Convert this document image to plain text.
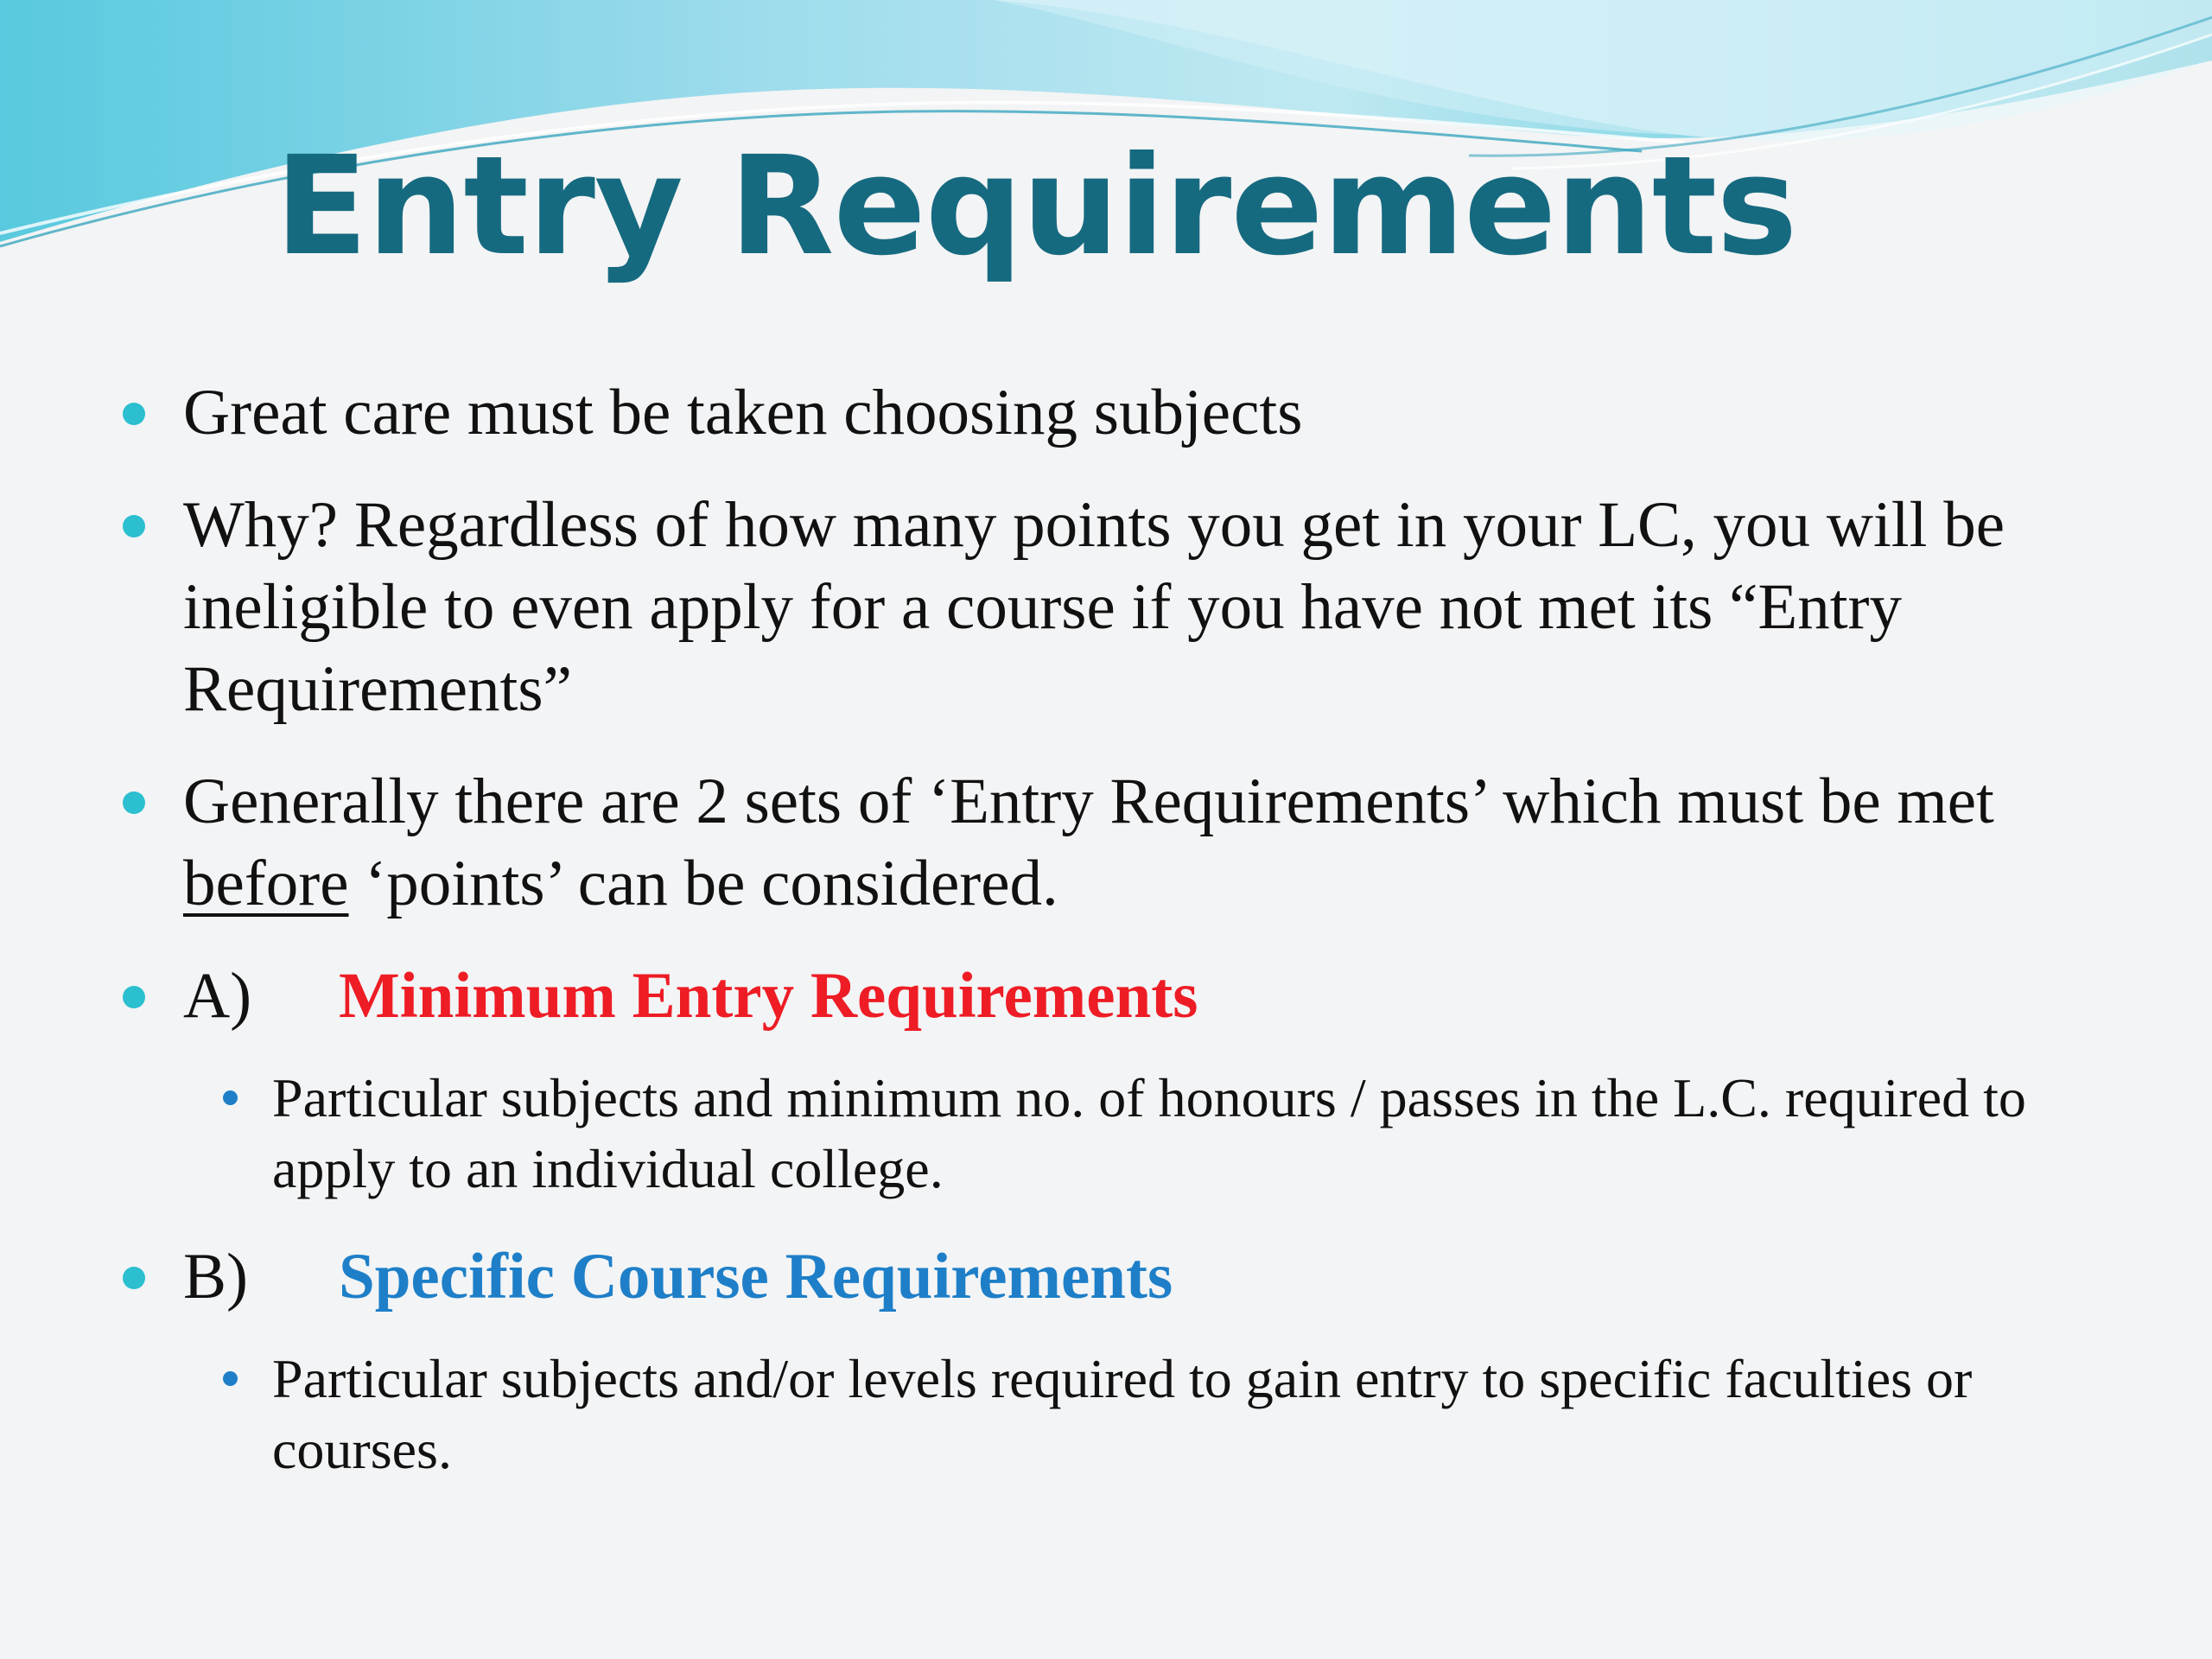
Entry Requirements
Great care must be taken choosing subjects
Why? Regardless of how many points you get in your LC, you will be ineligible to even apply for a course if you have not met its “Entry Requirements”
Generally there are 2 sets of ‘Entry Requirements’ which must be met before ‘points’ can be considered.
A) Minimum Entry Requirements
Particular subjects and minimum no. of honours / passes in the L.C. required to apply to an individual college.
B) Specific Course Requirements
Particular subjects and/or levels required to gain entry to specific faculties or courses.
